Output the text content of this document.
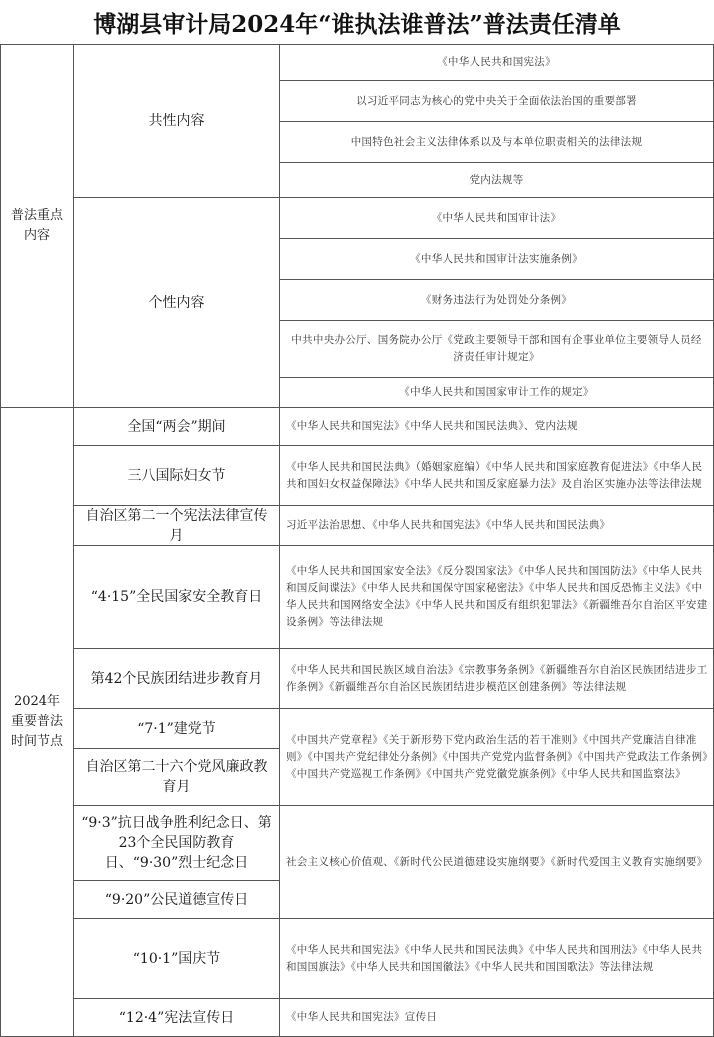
博湖县审计局2024年“谁执法谁普法”普法责任清单
普法重点内容
共性内容
个性内容
《中华人民共和国宪法》
以习近平同志为核心的党中央关于全面依法治国的重要部署
中国特色社会主义法律体系以及与本单位职责相关的法律法规
党内法规等
《中华人民共和国审计法》
《中华人民共和国审计法实施条例》
《财务违法行为处罚处分条例》
中共中央办公厅、国务院办公厅《党政主要领导干部和国有企事业单位主要领导人员经济责任审计规定》
《中华人民共和国国家审计工作的规定》
2024年重要普法时间节点
全国“两会”期间
三八国际妇女节
自治区第二一个宪法法律宣传月
“4·15”全民国家安全教育日
第42个民族团结进步教育月
“7·1”建党节
自治区第二十六个党风廉政教育月
“9·3”抗日战争胜利纪念日、第23个全民国防教育日、“9·30”烈士纪念日
“9·20”公民道德宣传日
“10·1”国庆节
“12·4”宪法宣传日
《中华人民共和国宪法》《中华人民共和国民法典》、党内法规
《中华人民共和国民法典》（婚姻家庭编）《中华人民共和国家庭教育促进法》《中华人民共和国妇女权益保障法》《中华人民共和国反家庭暴力法》及自治区实施办法等法律法规
习近平法治思想、《中华人民共和国宪法》《中华人民共和国民法典》
《中华人民共和国国家安全法》《反分裂国家法》《中华人民共和国国防法》《中华人民共和国反间谍法》《中华人民共和国保守国家秘密法》《中华人民共和国反恐怖主义法》《中华人民共和国网络安全法》《中华人民共和国反有组织犯罪法》《新疆维吾尔自治区平安建设条例》等法律法规
《中华人民共和国民族区域自治法》《宗教事务条例》《新疆维吾尔自治区民族团结进步工作条例》《新疆维吾尔自治区民族团结进步模范区创建条例》等法律法规
《中国共产党章程》《关于新形势下党内政治生活的若干准则》《中国共产党廉洁自律准则》《中国共产党纪律处分条例》《中国共产党党内监督条例》《中国共产党政法工作条例》《中国共产党巡视工作条例》《中国共产党党徽党旗条例》《中华人民共和国监察法》
社会主义核心价值观、《新时代公民道德建设实施纲要》《新时代爱国主义教育实施纲要》
《中华人民共和国宪法》《中华人民共和国民法典》《中华人民共和国刑法》《中华人民共和国国旗法》《中华人民共和国国徽法》《中华人民共和国国歌法》等法律法规
《中华人民共和国宪法》宣传日
